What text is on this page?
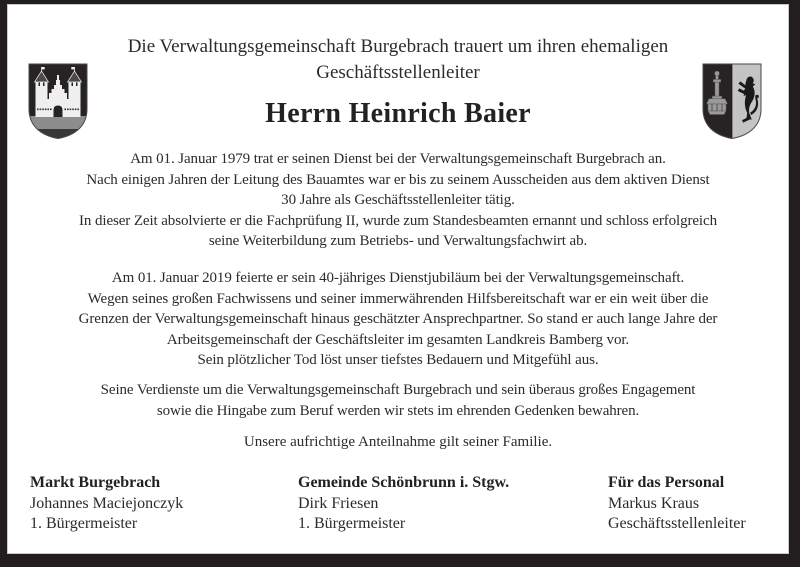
Die Verwaltungsgemeinschaft Burgebrach trauert um ihren ehemaligen
Geschäftsstellenleiter
Herrn Heinrich Baier
Am 01. Januar 1979 trat er seinen Dienst bei der Verwaltungsgemeinschaft Burgebrach an.
Nach einigen Jahren der Leitung des Bauamtes war er bis zu seinem Ausscheiden aus dem aktiven Dienst
30 Jahre als Geschäftsstellenleiter tätig.
In dieser Zeit absolvierte er die Fachprüfung II, wurde zum Standesbeamten ernannt und schloss erfolgreich
seine Weiterbildung zum Betriebs- und Verwaltungsfachwirt ab.
Am 01. Januar 2019 feierte er sein 40-jähriges Dienstjubiläum bei der Verwaltungsgemeinschaft.
Wegen seines großen Fachwissens und seiner immerwährenden Hilfsbereitschaft war er ein weit über die
Grenzen der Verwaltungsgemeinschaft hinaus geschätzter Ansprechpartner. So stand er auch lange Jahre der
Arbeitsgemeinschaft der Geschäftsleiter im gesamten Landkreis Bamberg vor.
Sein plötzlicher Tod löst unser tiefstes Bedauern und Mitgefühl aus.
Seine Verdienste um die Verwaltungsgemeinschaft Burgebrach und sein überaus großes Engagement
sowie die Hingabe zum Beruf werden wir stets im ehrenden Gedenken bewahren.
Unsere aufrichtige Anteilnahme gilt seiner Familie.
Markt Burgebrach
Johannes Maciejonczyk
1. Bürgermeister
Gemeinde Schönbrunn i. Stgw.
Dirk Friesen
1. Bürgermeister
Für das Personal
Markus Kraus
Geschäftsstellenleiter
